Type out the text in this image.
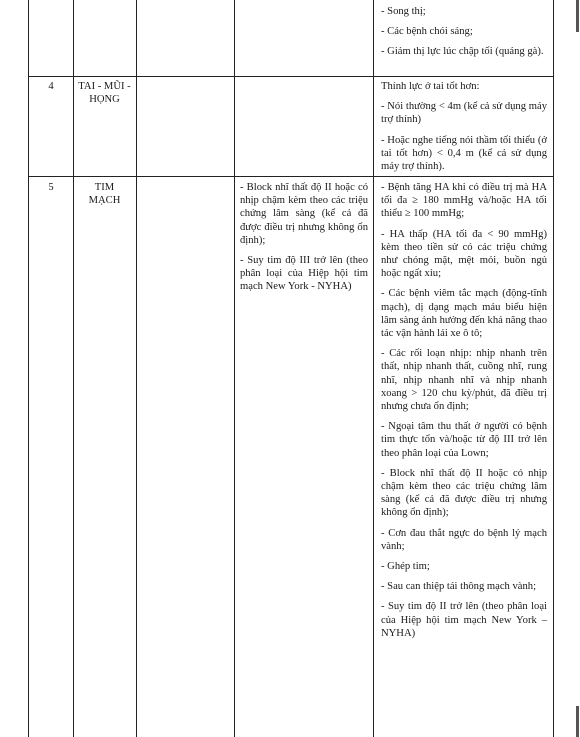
- Song thị;

- Các bệnh chói sáng;

- Giảm thị lực lúc chập tối (quáng gà).

4	TAI - MŨI - HỌNG

Thính lực ở tai tốt hơn:

- Nói thường < 4m (kể cả sử dụng máy trợ thính)

- Hoặc nghe tiếng nói thầm tối thiểu (ở tai tốt hơn) < 0,4 m (kể cả sử dụng máy trợ thính).

5	TIM MẠCH

- Block nhĩ thất độ II hoặc có nhịp chậm kèm theo các triệu chứng lâm sàng (kể cả đã được điều trị nhưng không ổn định);

- Suy tim độ III trở lên (theo phân loại của Hiệp hội tim mạch New York - NYHA)

- Bệnh tăng HA khi có điều trị mà HA tối đa ≥ 180 mmHg và/hoặc HA tối thiểu ≥ 100 mmHg;

- HA thấp (HA tối đa < 90 mmHg) kèm theo tiền sử có các triệu chứng như chóng mặt, mệt mỏi, buồn ngủ hoặc ngất xỉu;

- Các bệnh viêm tắc mạch (động-tĩnh mạch), dị dạng mạch máu biểu hiện lâm sàng ảnh hưởng đến khả năng thao tác vận hành lái xe ô tô;

- Các rối loạn nhịp: nhịp nhanh trên thất, nhịp nhanh thất, cuồng nhĩ, rung nhĩ, nhịp nhanh nhĩ và nhịp nhanh xoang > 120 chu kỳ/phút, đã điều trị nhưng chưa ổn định;

- Ngoại tâm thu thất ở người có bệnh tim thực tổn và/hoặc từ độ III trở lên theo phân loại của Lown;

- Block nhĩ thất độ II hoặc có nhịp chậm kèm theo các triệu chứng lâm sàng (kể cả đã được điều trị nhưng không ổn định);

- Cơn đau thắt ngực do bệnh lý mạch vành;

- Ghép tim;

- Sau can thiệp tái thông mạch vành;

- Suy tim độ II trở lên (theo phân loại của Hiệp hội tim mạch New York – NYHA)
